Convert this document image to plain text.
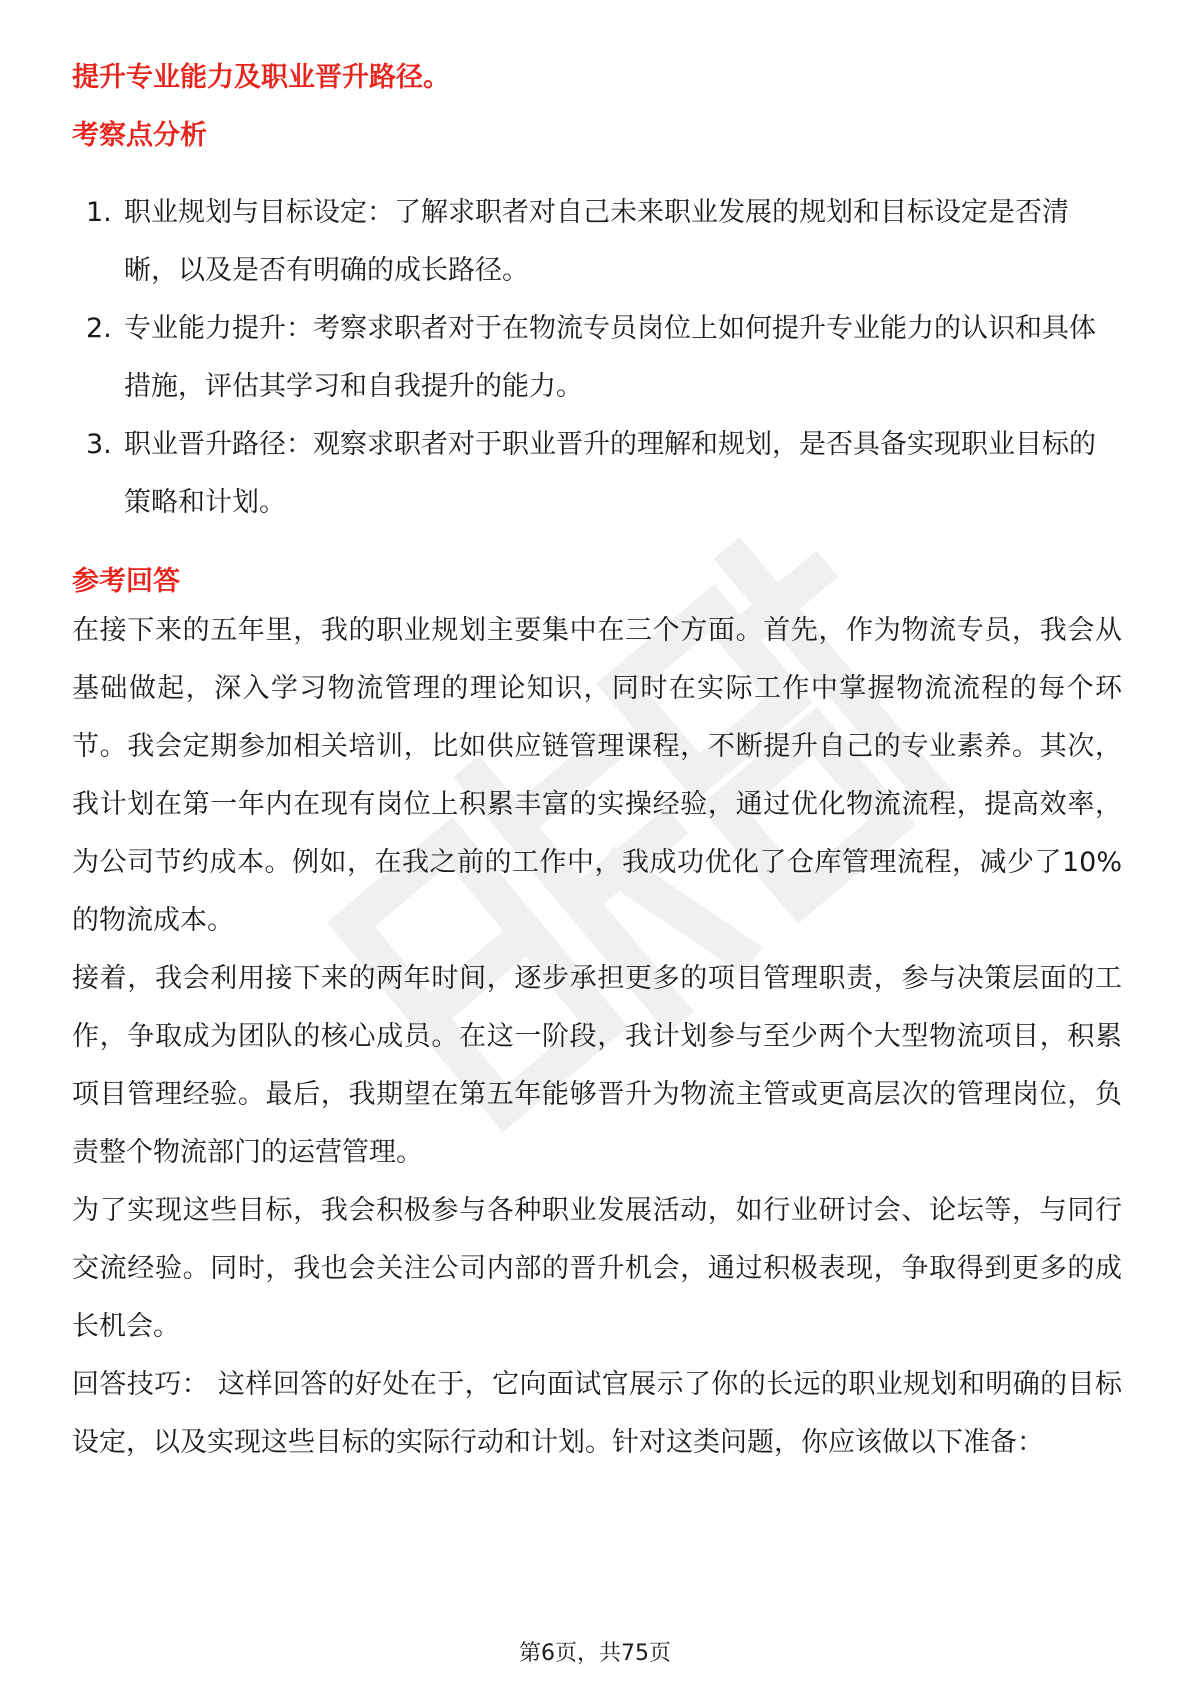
提升专业能力及职业晋升路径。

考察点分析

1. 职业规划与目标设定：了解求职者对自己未来职业发展的规划和目标设定是否清晰，以及是否有明确的成长路径。
2. 专业能力提升：考察求职者对于在物流专员岗位上如何提升专业能力的认识和具体措施，评估其学习和自我提升的能力。
3. 职业晋升路径：观察求职者对于职业晋升的理解和规划，是否具备实现职业目标的策略和计划。

参考回答

在接下来的五年里，我的职业规划主要集中在三个方面。首先，作为物流专员，我会从基础做起，深入学习物流管理的理论知识，同时在实际工作中掌握物流流程的每个环节。我会定期参加相关培训，比如供应链管理课程，不断提升自己的专业素养。其次，我计划在第一年内在现有岗位上积累丰富的实操经验，通过优化物流流程，提高效率，为公司节约成本。例如，在我之前的工作中，我成功优化了仓库管理流程，减少了10%的物流成本。

接着，我会利用接下来的两年时间，逐步承担更多的项目管理职责，参与决策层面的工作，争取成为团队的核心成员。在这一阶段，我计划参与至少两个大型物流项目，积累项目管理经验。最后，我期望在第五年能够晋升为物流主管或更高层次的管理岗位，负责整个物流部门的运营管理。

为了实现这些目标，我会积极参与各种职业发展活动，如行业研讨会、论坛等，与同行交流经验。同时，我也会关注公司内部的晋升机会，通过积极表现，争取得到更多的成长机会。

回答技巧： 这样回答的好处在于，它向面试官展示了你的长远的职业规划和明确的目标设定，以及实现这些目标的实际行动和计划。针对这类问题，你应该做以下准备：

第6页，共75页
